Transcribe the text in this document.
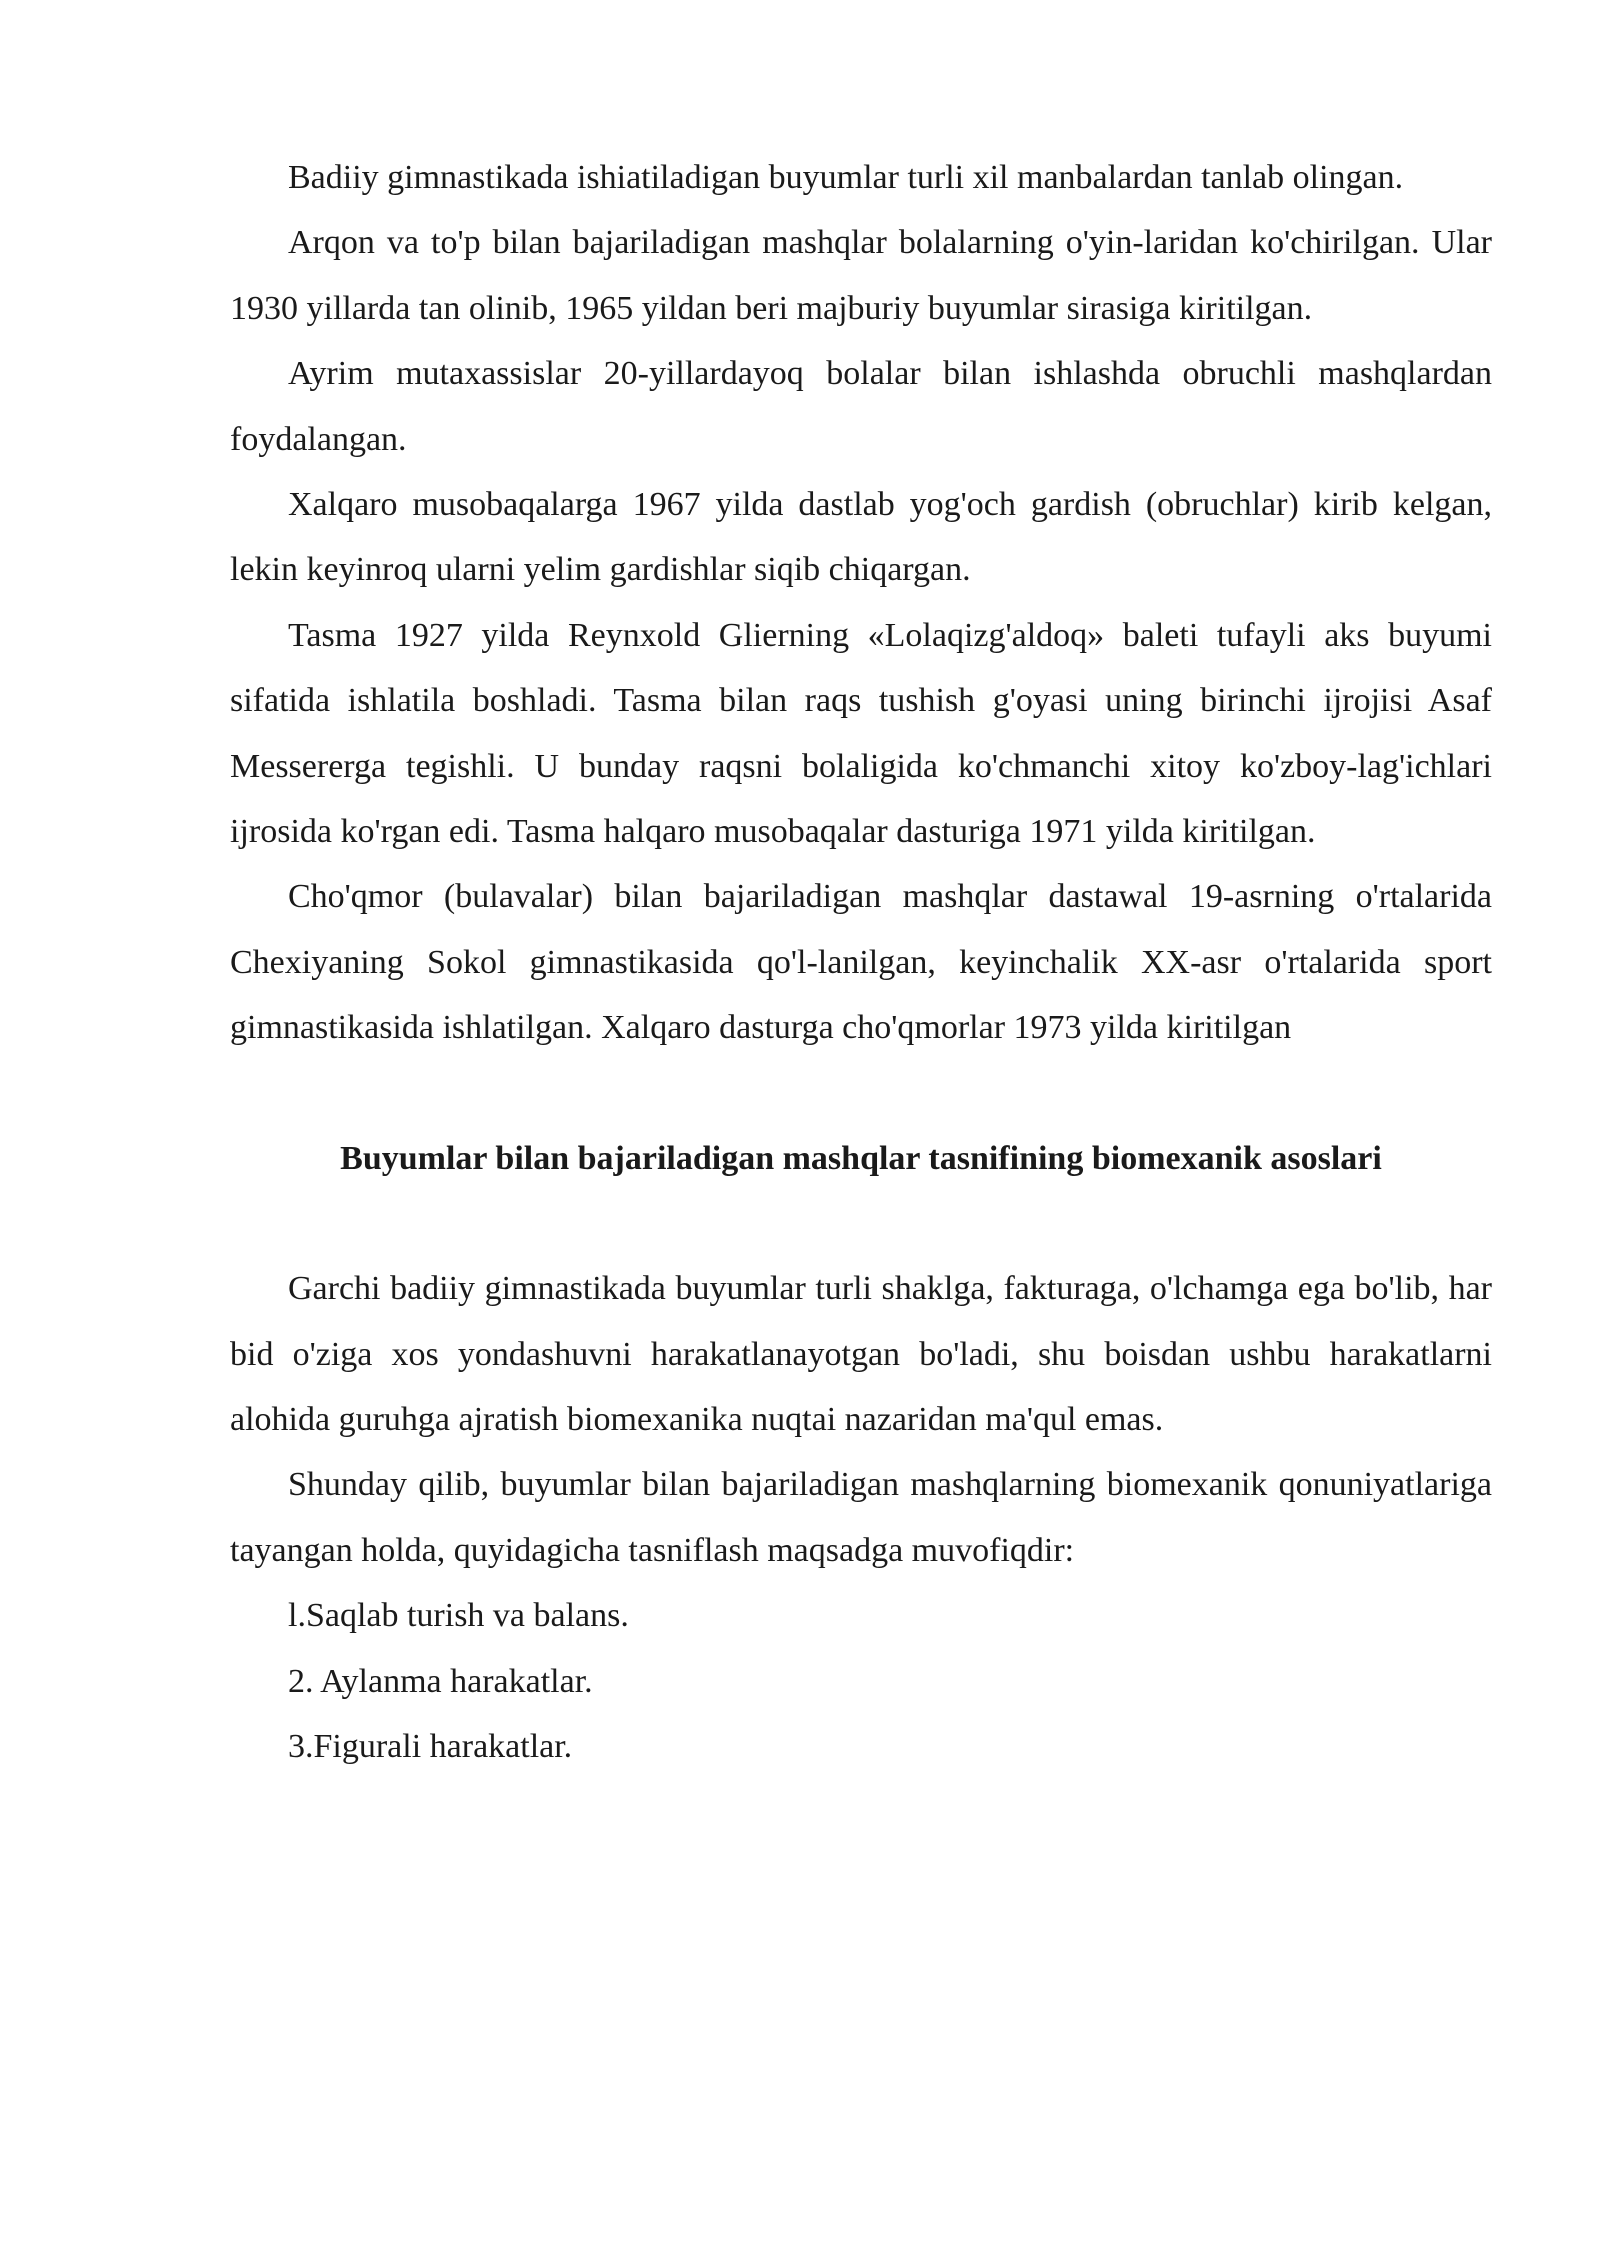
Badiiy gimnastikada ishiatiladigan buyumlar turli xil manbalardan tanlab olingan.

Arqon va to'p bilan bajariladigan mashqlar bolalarning o'yin-laridan ko'chirilgan. Ular 1930 yillarda tan olinib, 1965 yildan beri majburiy buyumlar sirasiga kiritilgan.

Ayrim mutaxassislar 20-yillardayoq bolalar bilan ishlashda obruchli mashqlardan foydalangan.

Xalqaro musobaqalarga 1967 yilda dastlab yog'och gardish (obruchlar) kirib kelgan, lekin keyinroq ularni yelim gardishlar siqib chiqargan.

Tasma 1927 yilda Reynxold Glierning «Lolaqizg'aldoq» baleti tufayli aks buyumi sifatida ishlatila boshladi. Tasma bilan raqs tushish g'oyasi uning birinchi ijrojisi Asaf Messererga tegishli. U bunday raqsni bolaligida ko'chmanchi xitoy ko'zboy-lag'ichlari ijrosida ko'rgan edi. Tasma halqaro musobaqalar dasturiga 1971 yilda kiritilgan.

Cho'qmor (bulavalar) bilan bajariladigan mashqlar dastawal 19-asrning o'rtalarida Chexiyaning Sokol gimnastikasida qo'l-lanilgan, keyinchalik XX-asr o'rtalarida sport gimnastikasida ishlatilgan. Xalqaro dasturga cho'qmorlar 1973 yilda kiritilgan

Buyumlar bilan bajariladigan mashqlar tasnifining biomexanik asoslari

Garchi badiiy gimnastikada buyumlar turli shaklga, fakturaga, o'lchamga ega bo'lib, har bid o'ziga xos yondashuvni harakatlanayotgan bo'ladi, shu boisdan ushbu harakatlarni alohida guruhga ajratish biomexanika nuqtai nazaridan ma'qul emas.

Shunday qilib, buyumlar bilan bajariladigan mashqlarning biomexanik qonuniyatlariga tayangan holda, quyidagicha tasniflash maqsadga muvofiqdir:

l.Saqlab turish va balans.

2. Aylanma harakatlar.

3.Figurali harakatlar.
